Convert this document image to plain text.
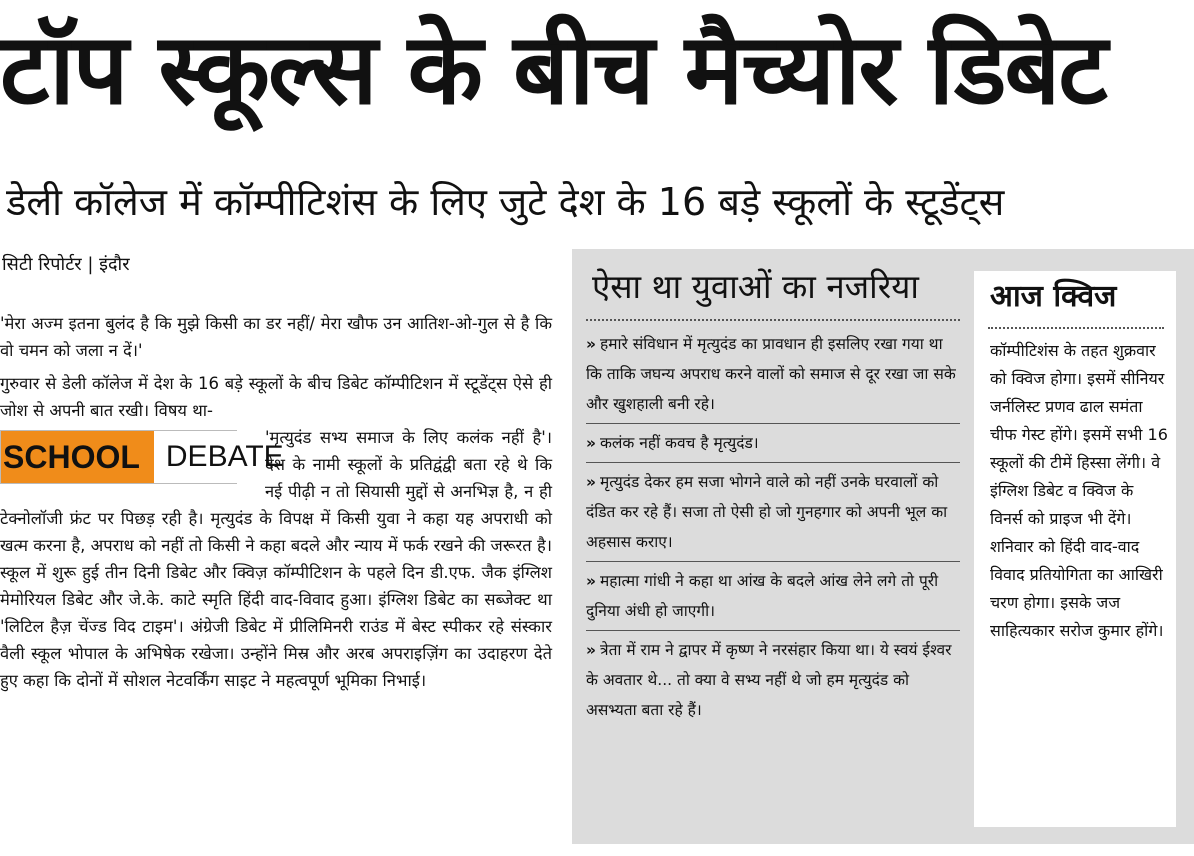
टॉप स्कूल्स के बीच मैच्योर डिबेट
डेली कॉलेज में कॉम्पीटिशंस के लिए जुटे देश के 16 बड़े स्कूलों के स्टूडेंट्स
सिटी रिपोर्टर | इंदौर

'मेरा अज्म इतना बुलंद है कि मुझे किसी का डर नहीं/ मेरा खौफ उन आतिश-ओ-गुल से है कि वो चमन को जला न दें।'

गुरुवार से डेली कॉलेज में देश के 16 बड़े स्कूलों के बीच डिबेट कॉम्पीटिशन में स्टूडेंट्स ऐसे ही जोश से अपनी बात रखी। विषय था-

SCHOOL DEBATE

'मृत्युदंड सभ्य समाज के लिए कलंक नहीं है'। देश के नामी स्कूलों के प्रतिद्वंद्वी बता रहे थे कि नई पीढ़ी न तो सियासी मुद्दों से अनभिज्ञ है, न ही टेक्नोलॉजी फ्रंट पर पिछड़ रही है। मृत्युदंड के विपक्ष में किसी युवा ने कहा यह अपराधी को खत्म करना है, अपराध को नहीं तो किसी ने कहा बदले और न्याय में फर्क रखने की जरूरत है। स्कूल में शुरू हुई तीन दिनी डिबेट और क्विज़ कॉम्पीटिशन के पहले दिन डी.एफ. जैक इंग्लिश मेमोरियल डिबेट और जे.के. काटे स्मृति हिंदी वाद-विवाद हुआ। इंग्लिश डिबेट का सब्जेक्ट था 'लिटिल हैज़ चेंज्ड विद टाइम'। अंग्रेजी डिबेट में प्रीलिमिनरी राउंड में बेस्ट स्पीकर रहे संस्कार वैली स्कूल भोपाल के अभिषेक रखेजा। उन्होंने मिस्र और अरब अपराइज़िंग का उदाहरण देते हुए कहा कि दोनों में सोशल नेटवर्किंग साइट ने महत्वपूर्ण भूमिका निभाई।

ऐसा था युवाओं का नजरिया
» हमारे संविधान में मृत्युदंड का प्रावधान ही इसलिए रखा गया था कि ताकि जघन्य अपराध करने वालों को समाज से दूर रखा जा सके और खुशहाली बनी रहे।
» कलंक नहीं कवच है मृत्युदंड।
» मृत्युदंड देकर हम सजा भोगने वाले को नहीं उनके घरवालों को दंडित कर रहे हैं। सजा तो ऐसी हो जो गुनहगार को अपनी भूल का अहसास कराए।
» महात्मा गांधी ने कहा था आंख के बदले आंख लेने लगे तो पूरी दुनिया अंधी हो जाएगी।
» त्रेता में राम ने द्वापर में कृष्ण ने नरसंहार किया था। ये स्वयं ईश्वर के अवतार थे... तो क्या वे सभ्य नहीं थे जो हम मृत्युदंड को असभ्यता बता रहे हैं।
आज क्विज
कॉम्पीटिशंस के तहत शुक्रवार को क्विज होगा। इसमें सीनियर जर्नलिस्ट प्रणव ढाल समंता चीफ गेस्ट होंगे। इसमें सभी 16 स्कूलों की टीमें हिस्सा लेंगी। वे इंग्लिश डिबेट व क्विज के विनर्स को प्राइज भी देंगे। शनिवार को हिंदी वाद-वाद विवाद प्रतियोगिता का आखिरी चरण होगा। इसके जज साहित्यकार सरोज कुमार होंगे।
